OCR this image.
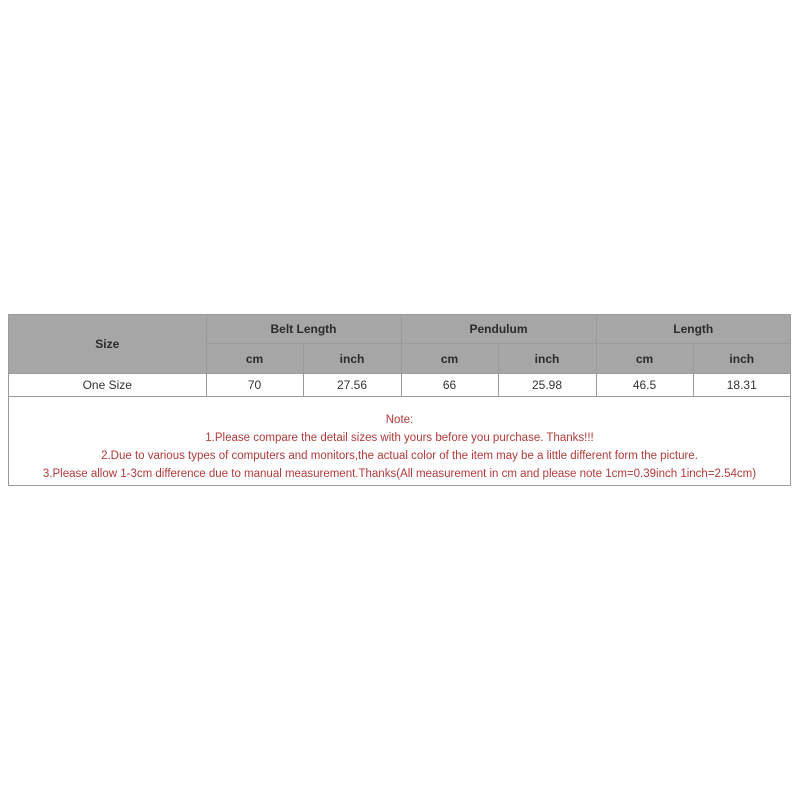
Size	Belt Length		Pendulum		Length	
	cm	inch	cm	inch	cm	inch
One Size	70	27.56	66	25.98	46.5	18.31
Note:
1.Please compare the detail sizes with yours before you purchase. Thanks!!!
2.Due to various types of computers and monitors,the actual color of the item may be a little different form the picture.
3.Please allow 1-3cm difference due to manual measurement.Thanks(All measurement in cm and please note 1cm=0.39inch 1inch=2.54cm)
